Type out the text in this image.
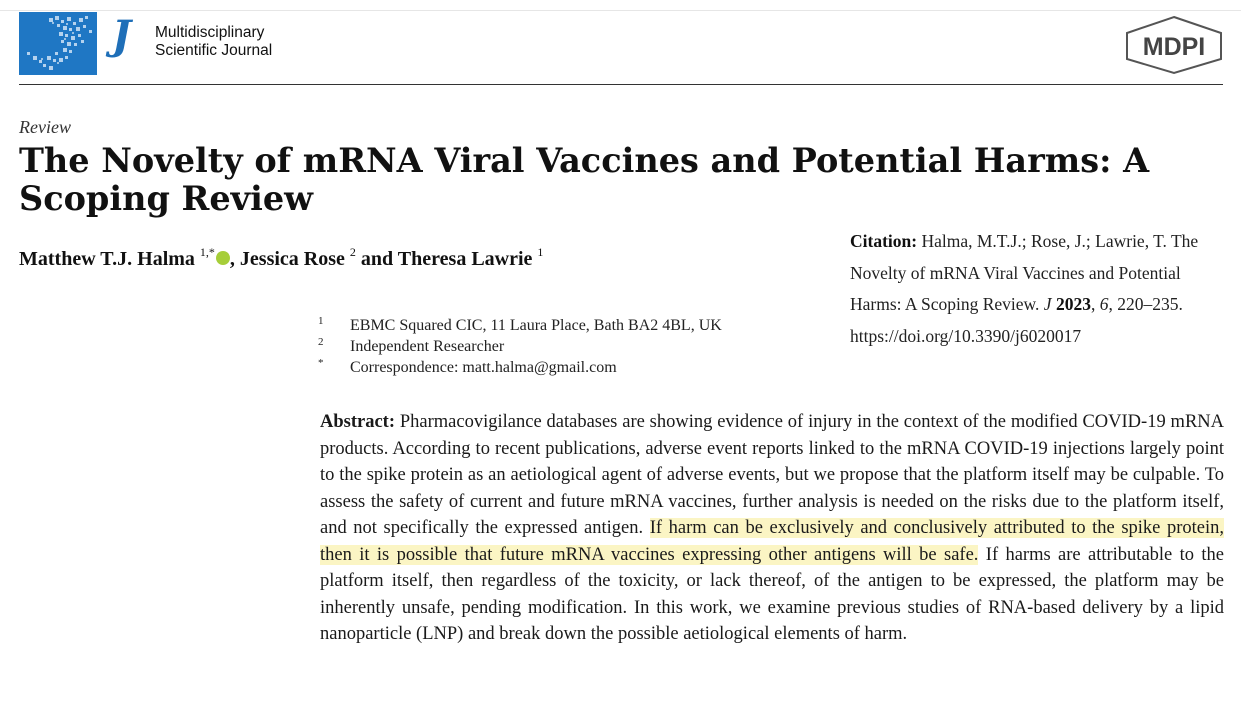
J Multidisciplinary
Scientific Journal	MDPI
Review
The Novelty of mRNA Viral Vaccines and Potential Harms: A Scoping Review
Matthew T.J. Halma $^{1,*}$ , Jessica Rose $^2$ and Theresa Lawrie $^1$
Citation: Halma, M.T.J.; Rose, J.; Lawrie, T. The Novelty of mRNA Viral Vaccines and Potential Harms: A Scoping Review. J 2023, 6, 220–235. https://doi.org/10.3390/j6020017
1 EBMC Squared CIC, 11 Laura Place, Bath BA2 4BL, UK
2 Independent Researcher
* Correspondence: matt.halma@gmail.com

Abstract: Pharmacovigilance databases are showing evidence of injury in the context of the modified COVID-19 mRNA products. According to recent publications, adverse event reports linked to the mRNA COVID-19 injections largely point to the spike protein as an aetiological agent of adverse events, but we propose that the platform itself may be culpable. To assess the safety of current and future mRNA vaccines, further analysis is needed on the risks due to the platform itself, and not specifically the expressed antigen. If harm can be exclusively and conclusively attributed to the spike protein, then it is possible that future mRNA vaccines expressing other antigens will be safe. If harms are attributable to the platform itself, then regardless of the toxicity, or lack thereof, of the antigen to be expressed, the platform may be inherently unsafe, pending modification. In this work, we examine previous studies of RNA-based delivery by a lipid nanoparticle (LNP) and break down the possible aetiological elements of harm.
